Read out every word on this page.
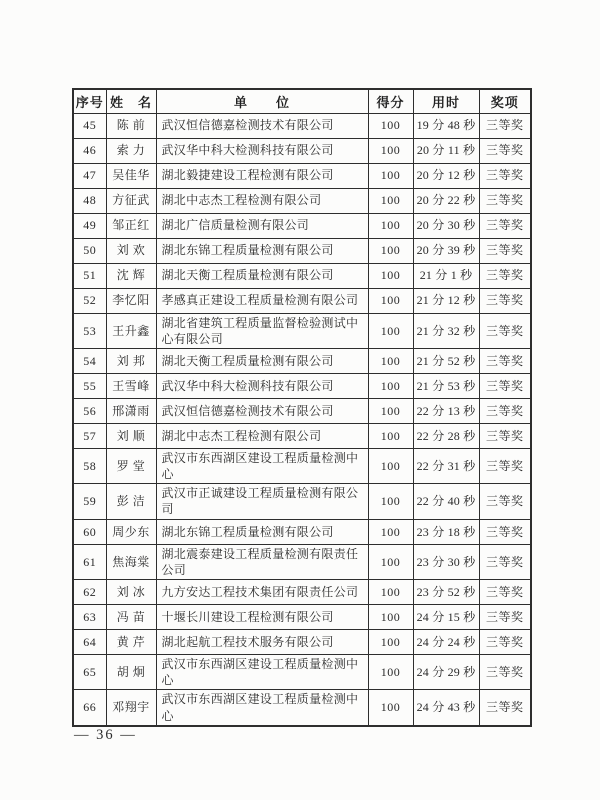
序号	姓　名	单　　位	得分	用时	奖项
45	陈 前	武汉恒信德嘉检测技术有限公司	100	19 分 48 秒	三等奖
46	索 力	武汉华中科大检测科技有限公司	100	20 分 11 秒	三等奖
47	吴佳华	湖北毅捷建设工程检测有限公司	100	20 分 12 秒	三等奖
48	方征武	湖北中志杰工程检测有限公司	100	20 分 22 秒	三等奖
49	邹正红	湖北广信质量检测有限公司	100	20 分 30 秒	三等奖
50	刘 欢	湖北东锦工程质量检测有限公司	100	20 分 39 秒	三等奖
51	沈 辉	湖北天衡工程质量检测有限公司	100	21 分 1 秒	三等奖
52	李忆阳	孝感真正建设工程质量检测有限公司	100	21 分 12 秒	三等奖
53	王升鑫	湖北省建筑工程质量监督检验测试中心有限公司	100	21 分 32 秒	三等奖
54	刘 邦	湖北天衡工程质量检测有限公司	100	21 分 52 秒	三等奖
55	王雪峰	武汉华中科大检测科技有限公司	100	21 分 53 秒	三等奖
56	邢潇雨	武汉恒信德嘉检测技术有限公司	100	22 分 13 秒	三等奖
57	刘 顺	湖北中志杰工程检测有限公司	100	22 分 28 秒	三等奖
58	罗 堂	武汉市东西湖区建设工程质量检测中心	100	22 分 31 秒	三等奖
59	彭 洁	武汉市正诚建设工程质量检测有限公司	100	22 分 40 秒	三等奖
60	周少东	湖北东锦工程质量检测有限公司	100	23 分 18 秒	三等奖
61	焦海棠	湖北震泰建设工程质量检测有限责任公司	100	23 分 30 秒	三等奖
62	刘 冰	九方安达工程技术集团有限责任公司	100	23 分 52 秒	三等奖
63	冯 苗	十堰长川建设工程检测有限公司	100	24 分 15 秒	三等奖
64	黄 芹	湖北起航工程技术服务有限公司	100	24 分 24 秒	三等奖
65	胡 炯	武汉市东西湖区建设工程质量检测中心	100	24 分 29 秒	三等奖
66	邓翔宇	武汉市东西湖区建设工程质量检测中心	100	24 分 43 秒	三等奖
— 36 —
